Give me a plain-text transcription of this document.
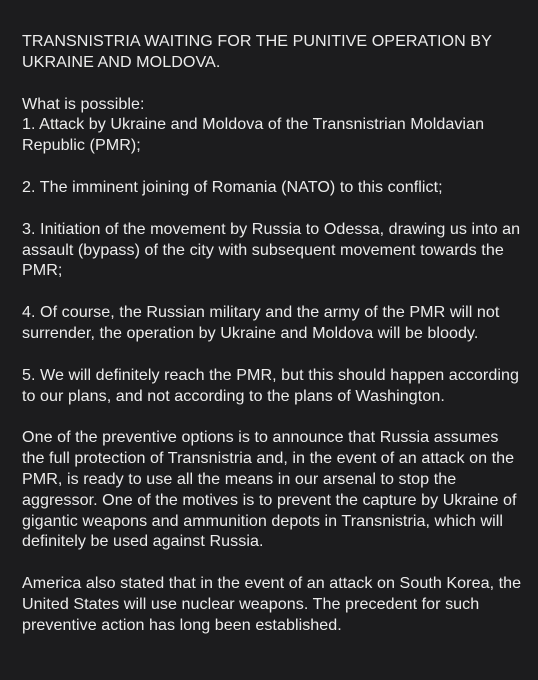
TRANSNISTRIA WAITING FOR THE PUNITIVE OPERATION BY UKRAINE AND MOLDOVA.

What is possible:
1. Attack by Ukraine and Moldova of the Transnistrian Moldavian Republic (PMR);

2. The imminent joining of Romania (NATO) to this conflict;

3. Initiation of the movement by Russia to Odessa, drawing us into an assault (bypass) of the city with subsequent movement towards the PMR;

4. Of course, the Russian military and the army of the PMR will not surrender, the operation by Ukraine and Moldova will be bloody.

5. We will definitely reach the PMR, but this should happen according to our plans, and not according to the plans of Washington.

One of the preventive options is to announce that Russia assumes the full protection of Transnistria and, in the event of an attack on the PMR, is ready to use all the means in our arsenal to stop the aggressor. One of the motives is to prevent the capture by Ukraine of gigantic weapons and ammunition depots in Transnistria, which will definitely be used against Russia.

America also stated that in the event of an attack on South Korea, the United States will use nuclear weapons. The precedent for such preventive action has long been established.
